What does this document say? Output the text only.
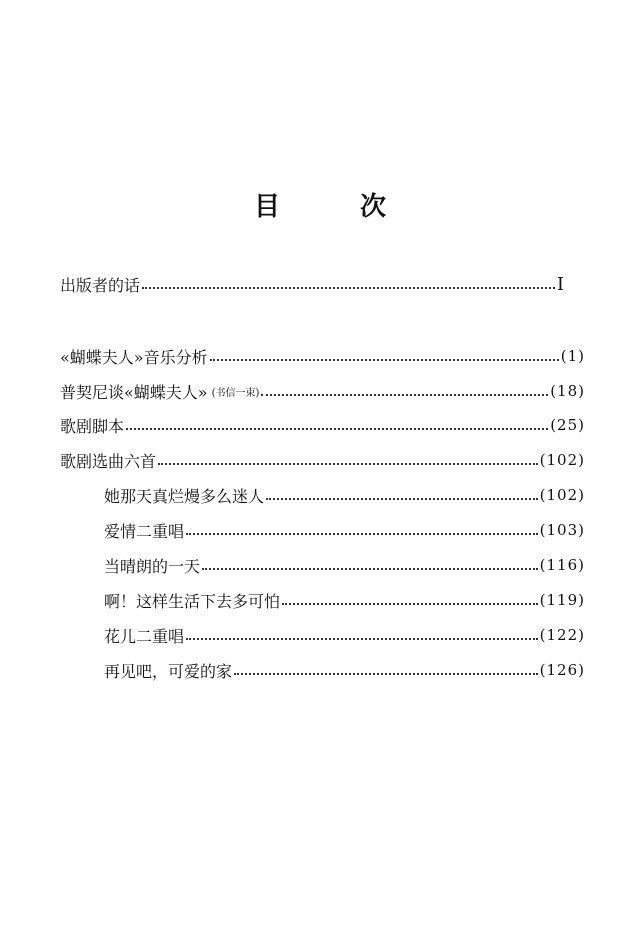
目	次
出版者的话	I
«蝴蝶夫人»音乐分析	(1)
普契尼谈«蝴蝶夫人» (书信一束)	(18)
歌剧脚本	(25)
歌剧选曲六首	(102)
她那天真烂熳多么迷人	(102)
爱情二重唱	(103)
当晴朗的一天	(116)
啊！这样生活下去多可怕	(119)
花儿二重唱	(122)
再见吧，可爱的家	(126)
